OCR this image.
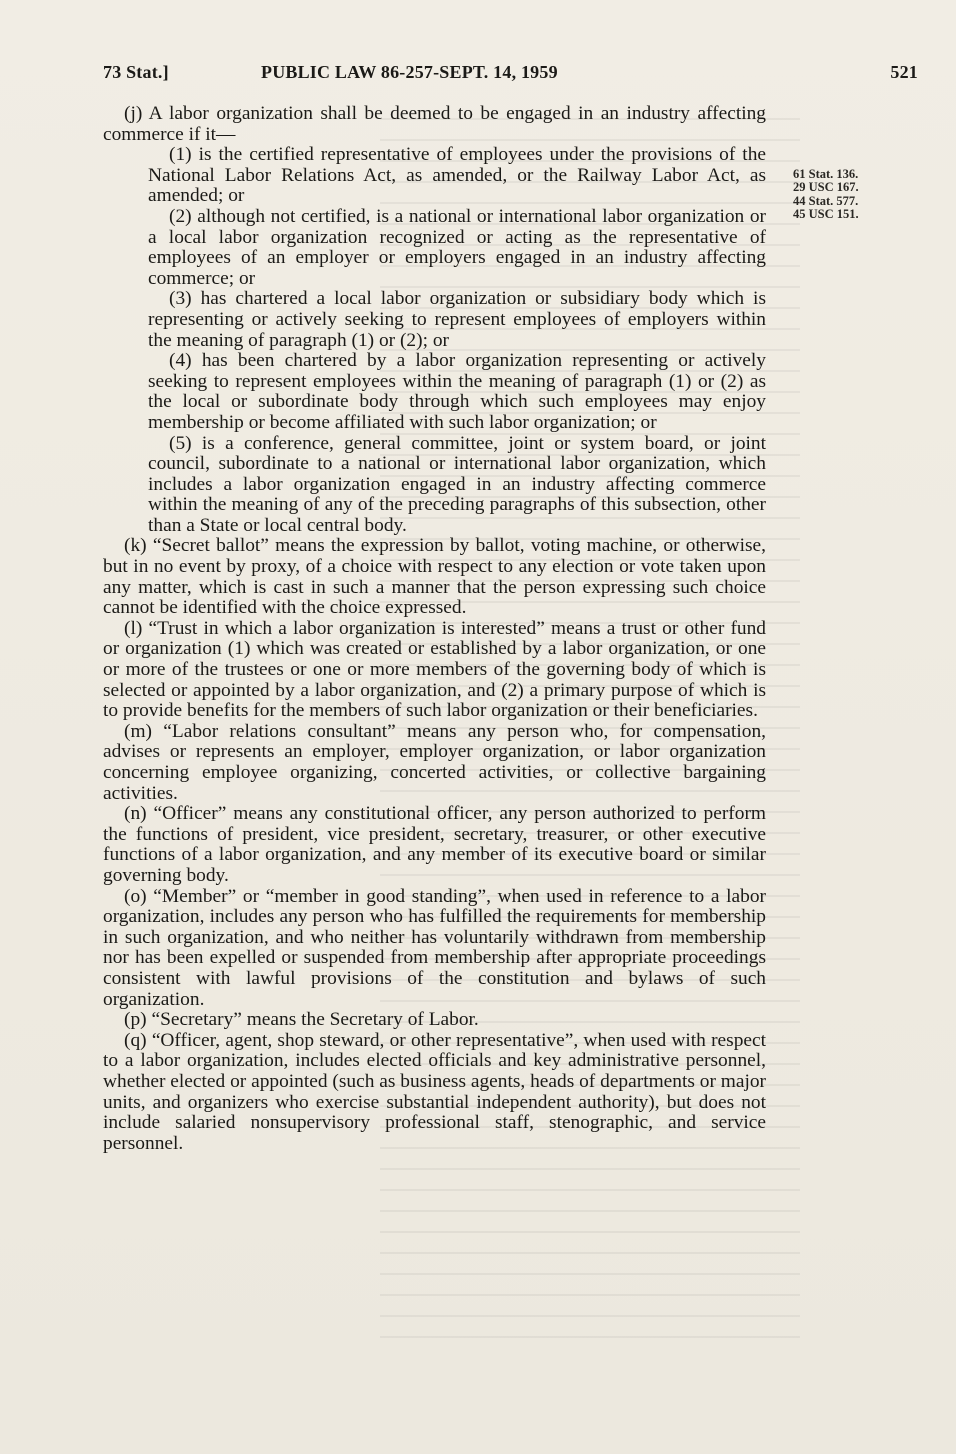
73 Stat.]	PUBLIC LAW 86-257-SEPT. 14, 1959	521
61 Stat. 136.
29 USC 167.
44 Stat. 577.
45 USC 151.

(j) A labor organization shall be deemed to be engaged in an industry affecting commerce if it—

(1) is the certified representative of employees under the provisions of the National Labor Relations Act, as amended, or the Railway Labor Act, as amended; or

(2) although not certified, is a national or international labor organization or a local labor organization recognized or acting as the representative of employees of an employer or employers engaged in an industry affecting commerce; or

(3) has chartered a local labor organization or subsidiary body which is representing or actively seeking to represent employees of employers within the meaning of paragraph (1) or (2); or

(4) has been chartered by a labor organization representing or actively seeking to represent employees within the meaning of paragraph (1) or (2) as the local or subordinate body through which such employees may enjoy membership or become affiliated with such labor organization; or

(5) is a conference, general committee, joint or system board, or joint council, subordinate to a national or international labor organization, which includes a labor organization engaged in an industry affecting commerce within the meaning of any of the preceding paragraphs of this subsection, other than a State or local central body.

(k) “Secret ballot” means the expression by ballot, voting machine, or otherwise, but in no event by proxy, of a choice with respect to any election or vote taken upon any matter, which is cast in such a manner that the person expressing such choice cannot be identified with the choice expressed.

(l) “Trust in which a labor organization is interested” means a trust or other fund or organization (1) which was created or established by a labor organization, or one or more of the trustees or one or more members of the governing body of which is selected or appointed by a labor organization, and (2) a primary purpose of which is to provide benefits for the members of such labor organization or their beneficiaries.

(m) “Labor relations consultant” means any person who, for compensation, advises or represents an employer, employer organization, or labor organization concerning employee organizing, concerted activities, or collective bargaining activities.

(n) “Officer” means any constitutional officer, any person authorized to perform the functions of president, vice president, secretary, treasurer, or other executive functions of a labor organization, and any member of its executive board or similar governing body.

(o) “Member” or “member in good standing”, when used in reference to a labor organization, includes any person who has fulfilled the requirements for membership in such organization, and who neither has voluntarily withdrawn from membership nor has been expelled or suspended from membership after appropriate proceedings consistent with lawful provisions of the constitution and bylaws of such organization.

(p) “Secretary” means the Secretary of Labor.

(q) “Officer, agent, shop steward, or other representative”, when used with respect to a labor organization, includes elected officials and key administrative personnel, whether elected or appointed (such as business agents, heads of departments or major units, and organizers who exercise substantial independent authority), but does not include salaried nonsupervisory professional staff, stenographic, and service personnel.
